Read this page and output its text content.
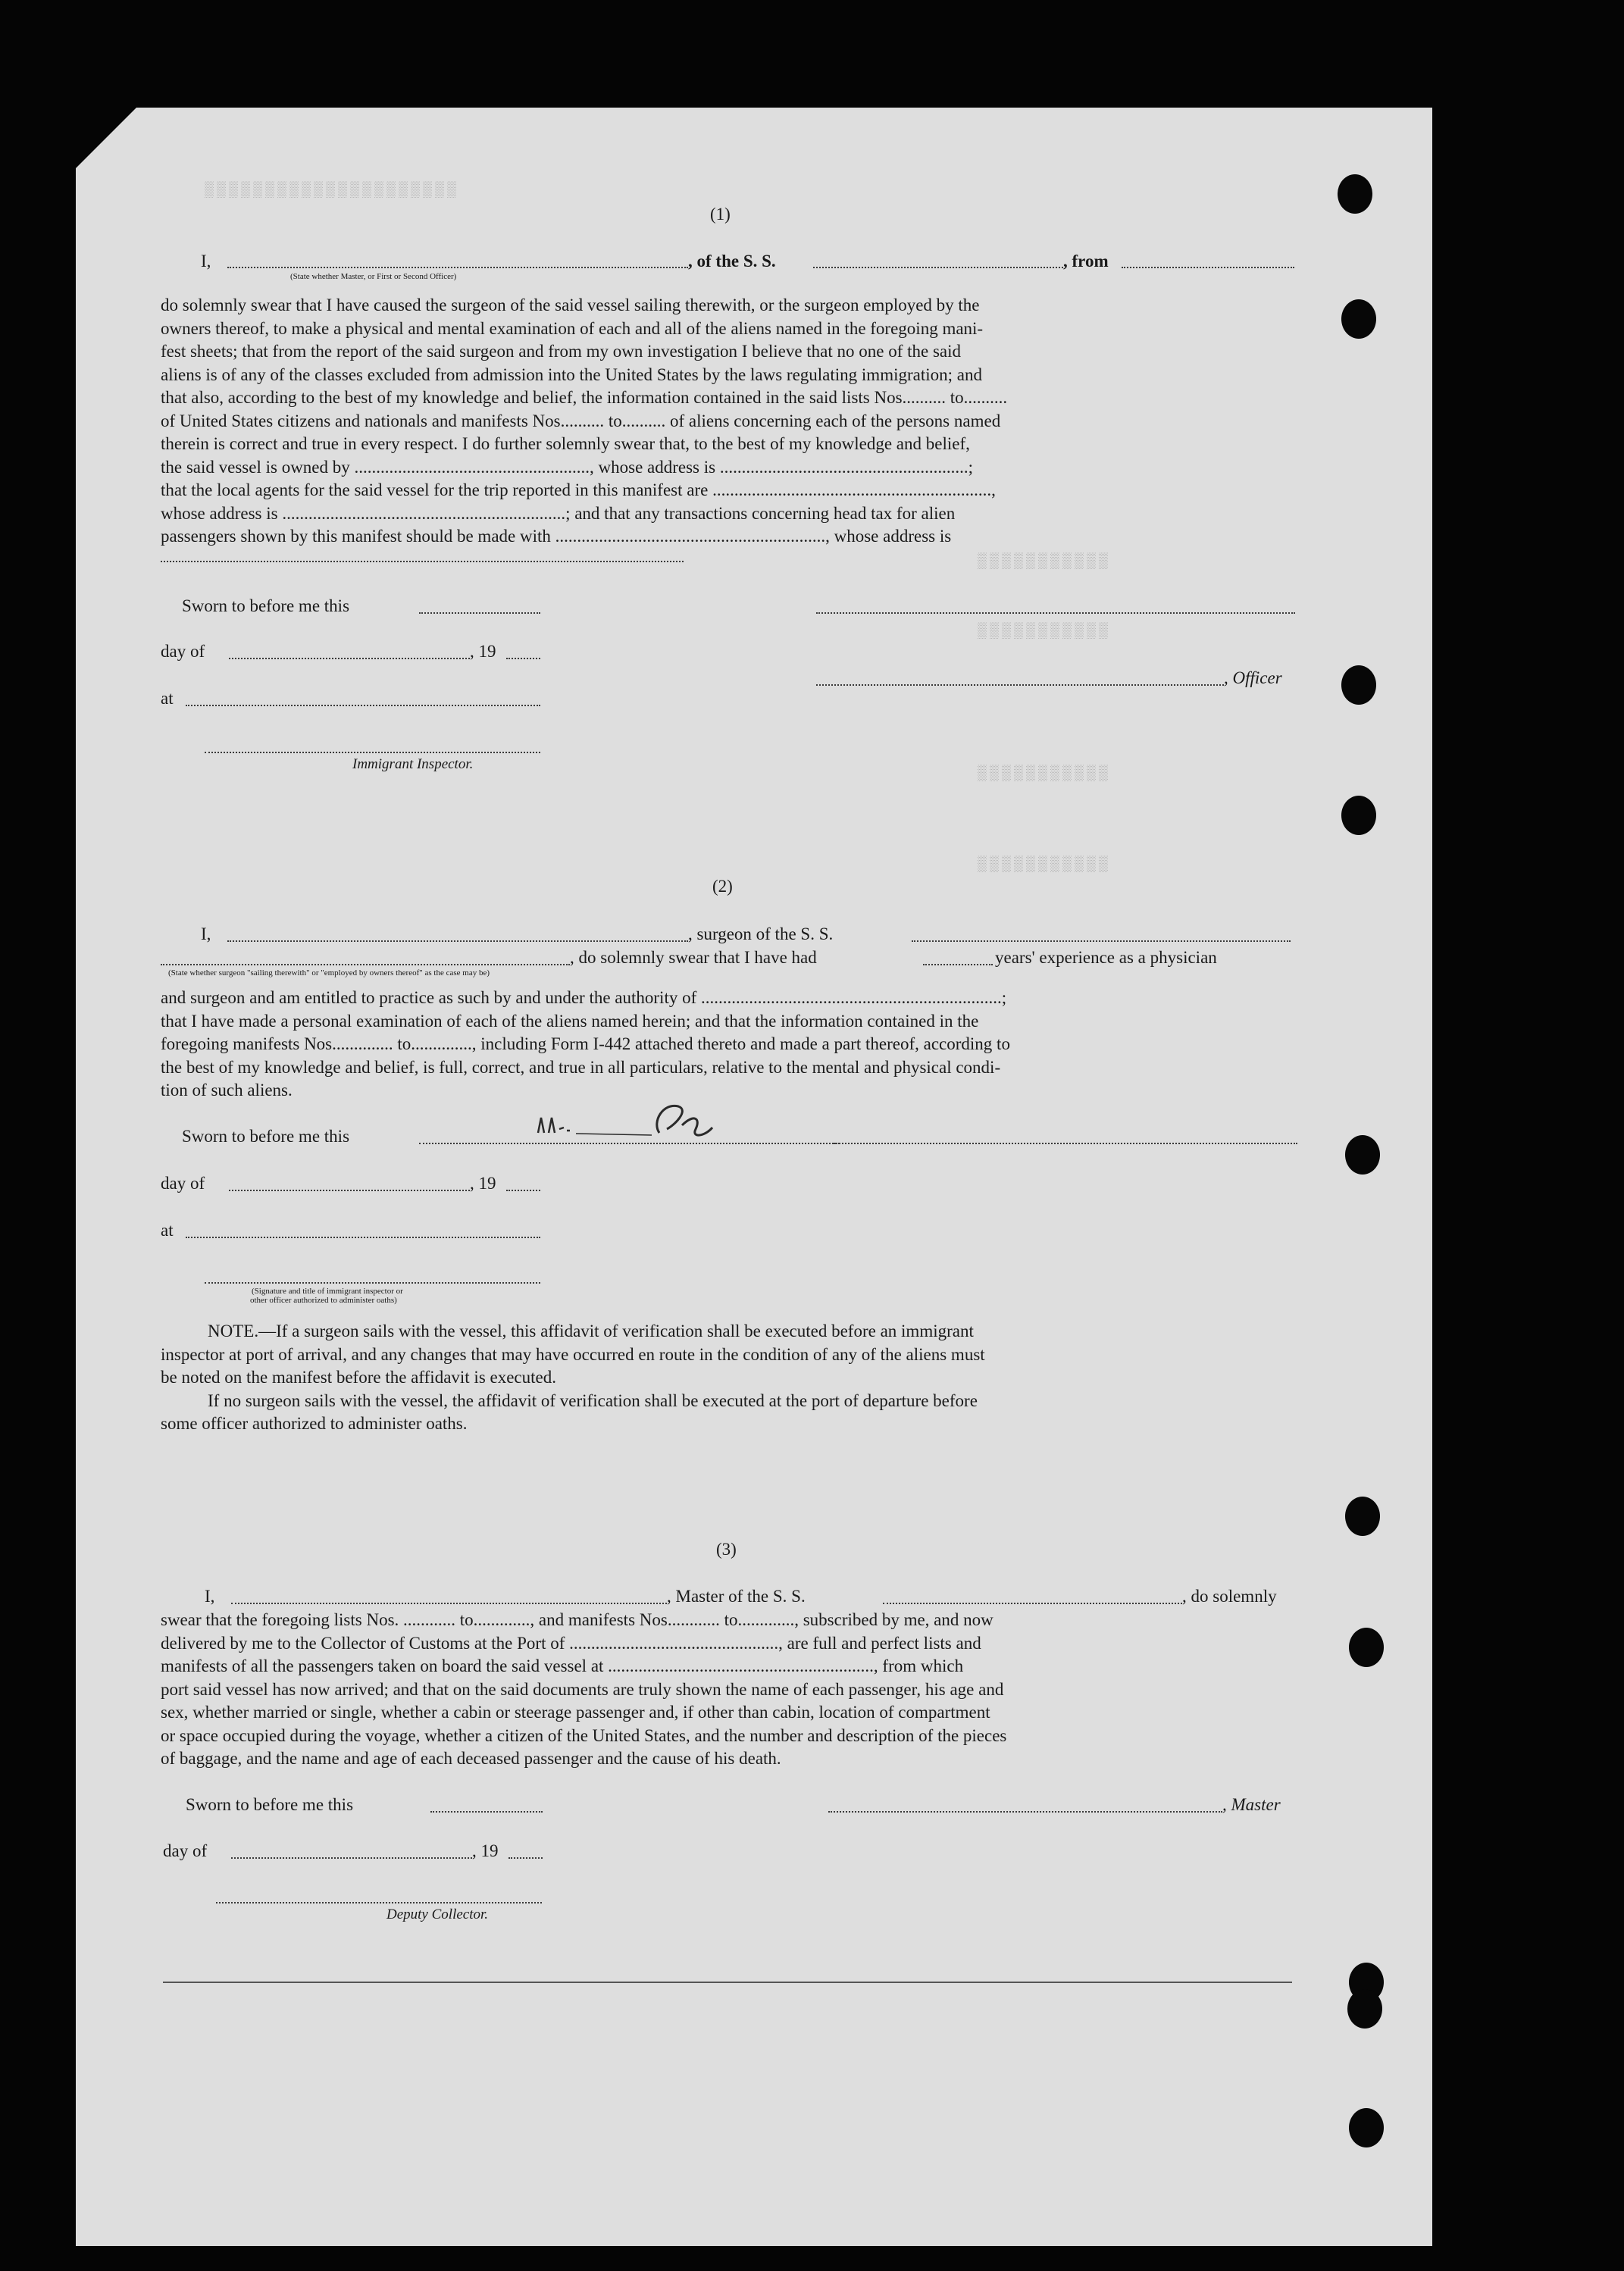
▒▒▒▒▒▒▒▒▒▒▒▒▒▒▒▒▒▒▒▒▒
▒▒▒▒▒▒▒▒▒▒▒
▒▒▒▒▒▒▒▒▒▒▒
▒▒▒▒▒▒▒▒▒▒▒
▒▒▒▒▒▒▒▒▒▒▒
(1)
I,	, of the S. S.	, from
(State whether Master, or First or Second Officer)

do solemnly swear that I have caused the surgeon of the said vessel sailing therewith, or the surgeon employed by the

owners thereof, to make a physical and mental examination of each and all of the aliens named in the foregoing mani-

fest sheets; that from the report of the said surgeon and from my own investigation I believe that no one of the said

aliens is of any of the classes excluded from admission into the United States by the laws regulating immigration; and

that also, according to the best of my knowledge and belief, the information contained in the said lists Nos.......... to..........

of United States citizens and nationals and manifests Nos.......... to.......... of aliens concerning each of the persons named

therein is correct and true in every respect. I do further solemnly swear that, to the best of my knowledge and belief,

the said vessel is owned by ......................................................, whose address is .........................................................;

that the local agents for the said vessel for the trip reported in this manifest are ................................................................,

whose address is .................................................................; and that any transactions concerning head tax for alien

passengers shown by this manifest should be made with .............................................................., whose address is

Sworn to before me this
day of	, 19
, Officer
at
Immigrant Inspector.
(2)
I,	, surgeon of the S. S.
, do solemnly swear that I have had	years' experience as a physician
(State whether surgeon "sailing therewith" or "employed by owners thereof" as the case may be)

and surgeon and am entitled to practice as such by and under the authority of .....................................................................;

that I have made a personal examination of each of the aliens named herein; and that the information contained in the

foregoing manifests Nos.............. to.............., including Form I-442 attached thereto and made a part thereof, according to

the best of my knowledge and belief, is full, correct, and true in all particulars, relative to the mental and physical condi-

tion of such aliens.

Sworn to before me this
day of	, 19
at
(Signature and title of immigrant inspector or
other officer authorized to administer oaths)

NOTE.—If a surgeon sails with the vessel, this affidavit of verification shall be executed before an immigrant

inspector at port of arrival, and any changes that may have occurred en route in the condition of any of the aliens must

be noted on the manifest before the affidavit is executed.

If no surgeon sails with the vessel, the affidavit of verification shall be executed at the port of departure before

some officer authorized to administer oaths.

(3)
I,	, Master of the S. S.	, do solemnly

swear that the foregoing lists Nos. ............ to............., and manifests Nos............ to............., subscribed by me, and now

delivered by me to the Collector of Customs at the Port of ................................................, are full and perfect lists and

manifests of all the passengers taken on board the said vessel at ............................................................., from which

port said vessel has now arrived; and that on the said documents are truly shown the name of each passenger, his age and

sex, whether married or single, whether a cabin or steerage passenger and, if other than cabin, location of compartment

or space occupied during the voyage, whether a citizen of the United States, and the number and description of the pieces

of baggage, and the name and age of each deceased passenger and the cause of his death.

Sworn to before me this	, Master
day of	, 19
Deputy Collector.
